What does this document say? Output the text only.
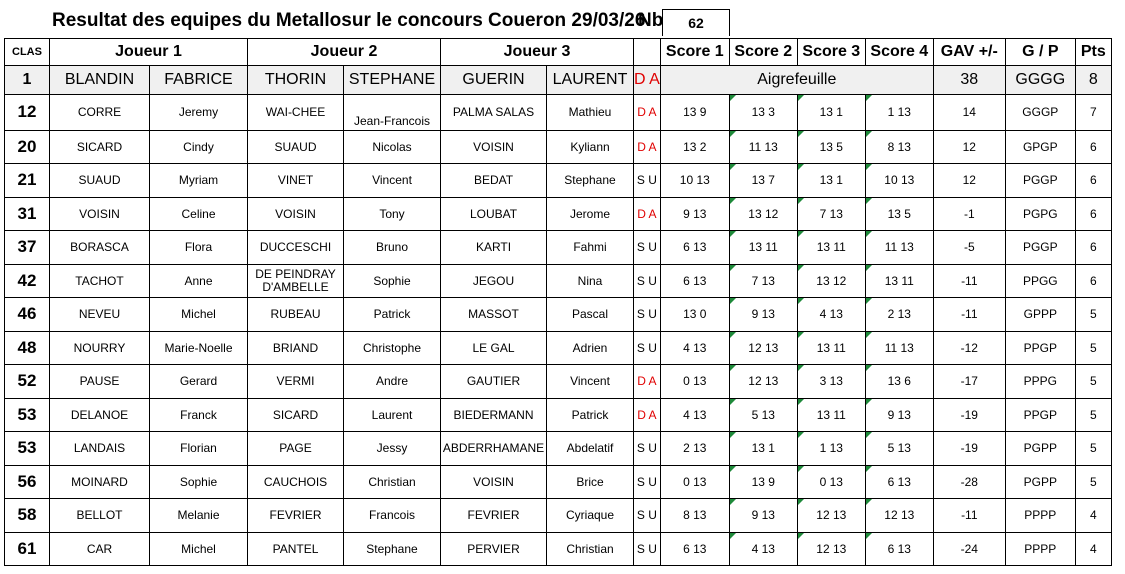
Resultat des equipes du Metallosur le concours Coueron 29/03/26
Nb	62
CLAS	Joueur 1		Joueur 2		Joueur 3			Score 1	Score 2	Score 3	Score 4	GAV +/-	G / P	Pts
1	BLANDIN	FABRICE	THORIN	STEPHANE	GUERIN	LAURENT	D A	Aigrefeuille				38	GGGG	8
12	CORRE	Jeremy	WAI-CHEE	Jean-Francois	PALMA SALAS	Mathieu	D A	13 9	13 3	13 1	1 13	14	GGGP	7
20	SICARD	Cindy	SUAUD	Nicolas	VOISIN	Kyliann	D A	13 2	11 13	13 5	8 13	12	GPGP	6
21	SUAUD	Myriam	VINET	Vincent	BEDAT	Stephane	S U	10 13	13 7	13 1	10 13	12	PGGP	6
31	VOISIN	Celine	VOISIN	Tony	LOUBAT	Jerome	D A	9 13	13 12	7 13	13 5	-1	PGPG	6
37	BORASCA	Flora	DUCCESCHI	Bruno	KARTI	Fahmi	S U	6 13	13 11	13 11	11 13	-5	PGGP	6
42	TACHOT	Anne	DE PEINDRAY D'AMBELLE	Sophie	JEGOU	Nina	S U	6 13	7 13	13 12	13 11	-11	PPGG	6
46	NEVEU	Michel	RUBEAU	Patrick	MASSOT	Pascal	S U	13 0	9 13	4 13	2 13	-11	GPPP	5
48	NOURRY	Marie-Noelle	BRIAND	Christophe	LE GAL	Adrien	S U	4 13	12 13	13 11	11 13	-12	PPGP	5
52	PAUSE	Gerard	VERMI	Andre	GAUTIER	Vincent	D A	0 13	12 13	3 13	13 6	-17	PPPG	5
53	DELANOE	Franck	SICARD	Laurent	BIEDERMANN	Patrick	D A	4 13	5 13	13 11	9 13	-19	PPGP	5
53	LANDAIS	Florian	PAGE	Jessy	ABDERRHAMANE	Abdelatif	S U	2 13	13 1	1 13	5 13	-19	PGPP	5
56	MOINARD	Sophie	CAUCHOIS	Christian	VOISIN	Brice	S U	0 13	13 9	0 13	6 13	-28	PGPP	5
58	BELLOT	Melanie	FEVRIER	Francois	FEVRIER	Cyriaque	S U	8 13	9 13	12 13	12 13	-11	PPPP	4
61	CAR	Michel	PANTEL	Stephane	PERVIER	Christian	S U	6 13	4 13	12 13	6 13	-24	PPPP	4
